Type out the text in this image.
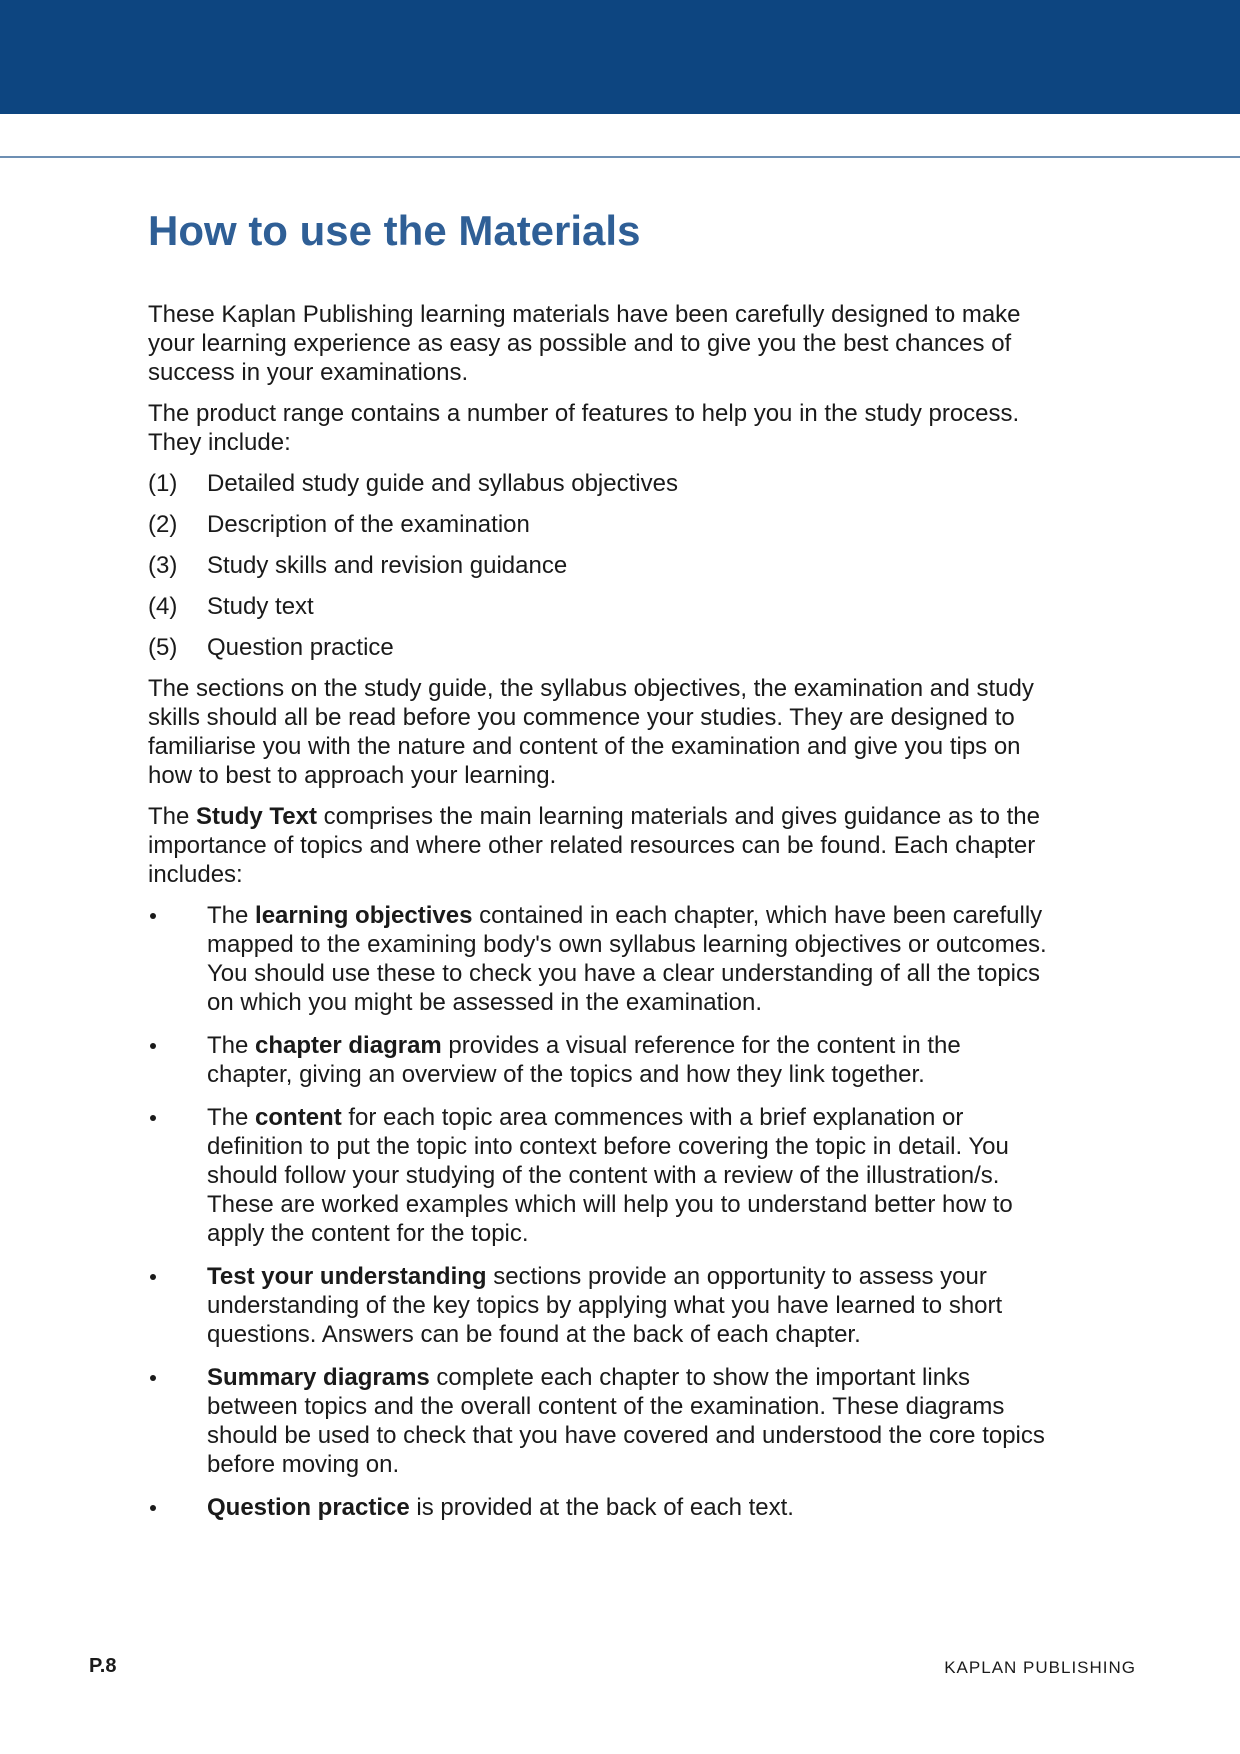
How to use the Materials

These Kaplan Publishing learning materials have been carefully designed to make your learning experience as easy as possible and to give you the best chances of success in your examinations.

The product range contains a number of features to help you in the study process. They include:

(1)	Detailed study guide and syllabus objectives
(2)	Description of the examination
(3)	Study skills and revision guidance
(4)	Study text
(5)	Question practice

The sections on the study guide, the syllabus objectives, the examination and study skills should all be read before you commence your studies. They are designed to familiarise you with the nature and content of the examination and give you tips on how to best to approach your learning.

The Study Text comprises the main learning materials and gives guidance as to the importance of topics and where other related resources can be found. Each chapter includes:

The learning objectives contained in each chapter, which have been carefully mapped to the examining body's own syllabus learning objectives or outcomes. You should use these to check you have a clear understanding of all the topics on which you might be assessed in the examination.
The chapter diagram provides a visual reference for the content in the chapter, giving an overview of the topics and how they link together.
The content for each topic area commences with a brief explanation or definition to put the topic into context before covering the topic in detail. You should follow your studying of the content with a review of the illustration/s. These are worked examples which will help you to understand better how to apply the content for the topic.
Test your understanding sections provide an opportunity to assess your understanding of the key topics by applying what you have learned to short questions. Answers can be found at the back of each chapter.
Summary diagrams complete each chapter to show the important links between topics and the overall content of the examination. These diagrams should be used to check that you have covered and understood the core topics before moving on.
Question practice is provided at the back of each text.
P.8	KAPLAN PUBLISHING
